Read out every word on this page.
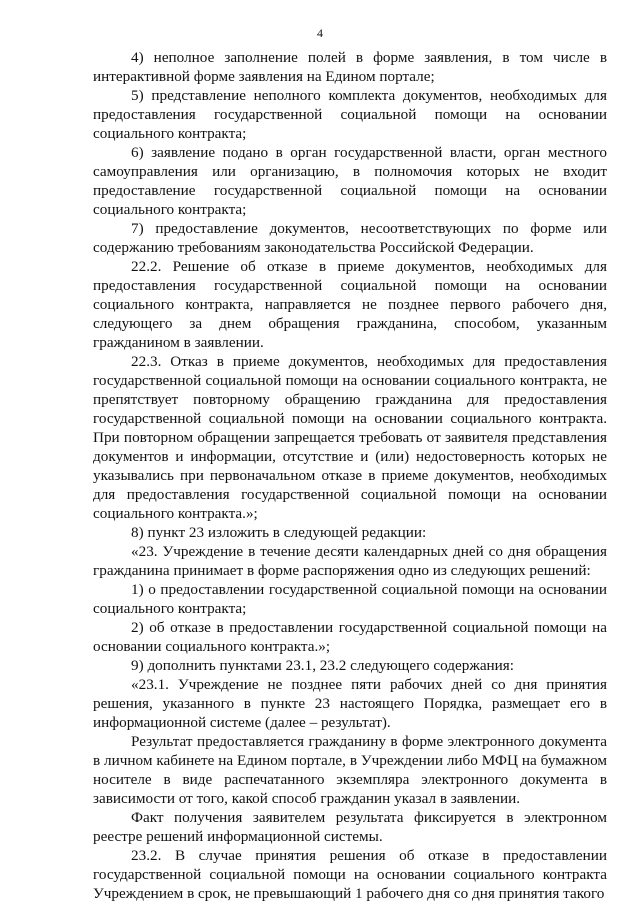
4

4) неполное заполнение полей в форме заявления, в том числе в интерактивной форме заявления на Едином портале;

5) представление неполного комплекта документов, необходимых для предоставления государственной социальной помощи на основании социального контракта;

6) заявление подано в орган государственной власти, орган местного самоуправления или организацию, в полномочия которых не входит предоставление государственной социальной помощи на основании социального контракта;

7) предоставление документов, несоответствующих по форме или содержанию требованиям законодательства Российской Федерации.

22.2. Решение об отказе в приеме документов, необходимых для предоставления государственной социальной помощи на основании социального контракта, направляется не позднее первого рабочего дня, следующего за днем обращения гражданина, способом, указанным гражданином в заявлении.

22.3. Отказ в приеме документов, необходимых для предоставления государственной социальной помощи на основании социального контракта, не препятствует повторному обращению гражданина для предоставления государственной социальной помощи на основании социального контракта. При повторном обращении запрещается требовать от заявителя представления документов и информации, отсутствие и (или) недостоверность которых не указывались при первоначальном отказе в приеме документов, необходимых для предоставления государственной социальной помощи на основании социального контракта.»;

8) пункт 23 изложить в следующей редакции:

«23. Учреждение в течение десяти календарных дней со дня обращения гражданина принимает в форме распоряжения одно из следующих решений:

1) о предоставлении государственной социальной помощи на основании социального контракта;

2) об отказе в предоставлении государственной социальной помощи на основании социального контракта.»;

9) дополнить пунктами 23.1, 23.2 следующего содержания:

«23.1. Учреждение не позднее пяти рабочих дней со дня принятия решения, указанного в пункте 23 настоящего Порядка, размещает его в информационной системе (далее – результат).

Результат предоставляется гражданину в форме электронного документа в личном кабинете на Едином портале, в Учреждении либо МФЦ на бумажном носителе в виде распечатанного экземпляра электронного документа в зависимости от того, какой способ гражданин указал в заявлении.

Факт получения заявителем результата фиксируется в электронном реестре решений информационной системы.

23.2. В случае принятия решения об отказе в предоставлении государственной социальной помощи на основании социального контракта Учреждением в срок, не превышающий 1 рабочего дня со дня принятия такого
